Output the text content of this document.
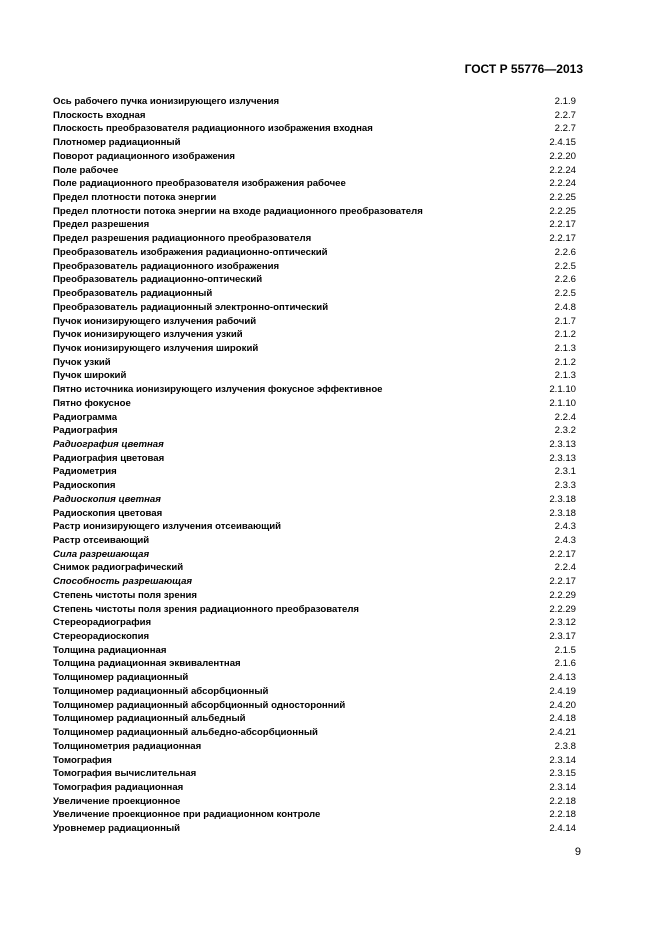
ГОСТ Р 55776—2013
Ось рабочего пучка ионизирующего излучения	2.1.9
Плоскость входная	2.2.7
Плоскость преобразователя радиационного изображения входная	2.2.7
Плотномер радиационный	2.4.15
Поворот радиационного изображения	2.2.20
Поле рабочее	2.2.24
Поле радиационного преобразователя изображения рабочее	2.2.24
Предел плотности потока энергии	2.2.25
Предел плотности потока энергии на входе радиационного преобразователя	2.2.25
Предел разрешения	2.2.17
Предел разрешения радиационного преобразователя	2.2.17
Преобразователь изображения радиационно-оптический	2.2.6
Преобразователь радиационного изображения	2.2.5
Преобразователь радиационно-оптический	2.2.6
Преобразователь радиационный	2.2.5
Преобразователь радиационный электронно-оптический	2.4.8
Пучок ионизирующего излучения рабочий	2.1.7
Пучок ионизирующего излучения узкий	2.1.2
Пучок ионизирующего излучения широкий	2.1.3
Пучок узкий	2.1.2
Пучок широкий	2.1.3
Пятно источника ионизирующего излучения фокусное эффективное	2.1.10
Пятно фокусное	2.1.10
Радиограмма	2.2.4
Радиография	2.3.2
Радиография цветная	2.3.13
Радиография цветовая	2.3.13
Радиометрия	2.3.1
Радиоскопия	2.3.3
Радиоскопия цветная	2.3.18
Радиоскопия цветовая	2.3.18
Растр ионизирующего излучения отсеивающий	2.4.3
Растр отсеивающий	2.4.3
Сила разрешающая	2.2.17
Снимок радиографический	2.2.4
Способность разрешающая	2.2.17
Степень чистоты поля зрения	2.2.29
Степень чистоты поля зрения радиационного преобразователя	2.2.29
Стереорадиография	2.3.12
Стереорадиоскопия	2.3.17
Толщина радиационная	2.1.5
Толщина радиационная эквивалентная	2.1.6
Толщиномер радиационный	2.4.13
Толщиномер радиационный абсорбционный	2.4.19
Толщиномер радиационный абсорбционный односторонний	2.4.20
Толщиномер радиационный альбедный	2.4.18
Толщиномер радиационный альбедно-абсорбционный	2.4.21
Толщинометрия радиационная	2.3.8
Томография	2.3.14
Томография вычислительная	2.3.15
Томография радиационная	2.3.14
Увеличение проекционное	2.2.18
Увеличение проекционное при радиационном контроле	2.2.18
Уровнемер радиационный	2.4.14
9
